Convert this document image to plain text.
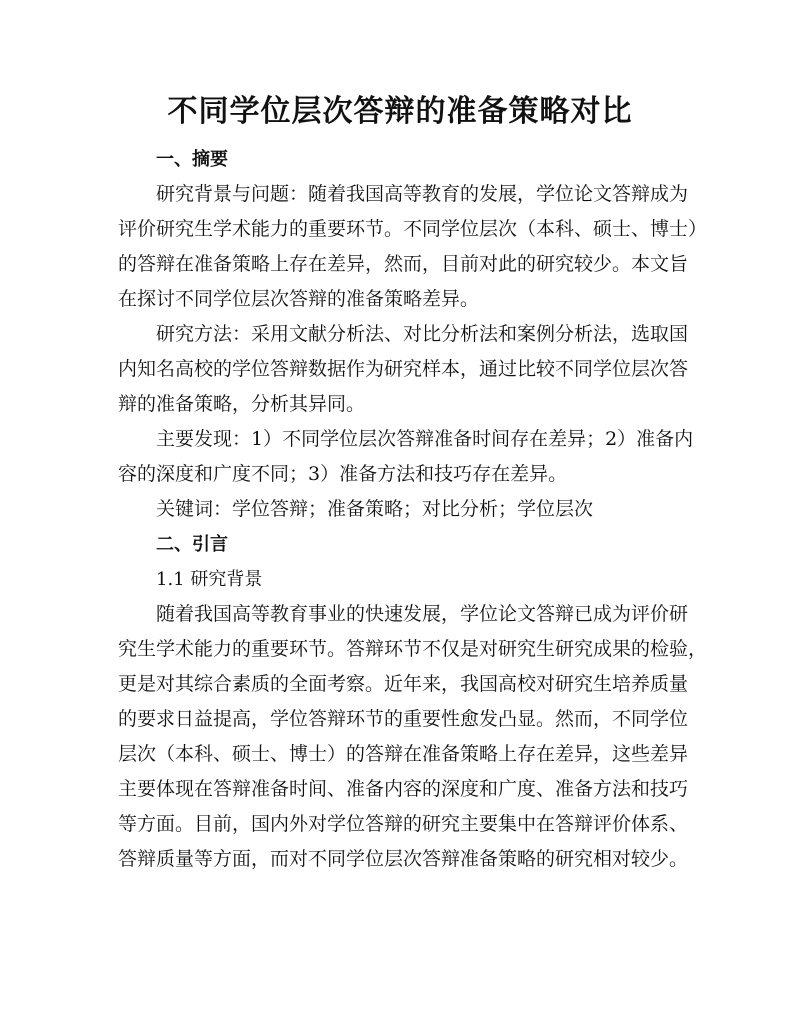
不同学位层次答辩的准备策略对比
一、摘要
研究背景与问题：随着我国高等教育的发展，学位论文答辩成为
评价研究生学术能力的重要环节。不同学位层次（本科、硕士、博士）
的答辩在准备策略上存在差异，然而，目前对此的研究较少。本文旨
在探讨不同学位层次答辩的准备策略差异。
研究方法：采用文献分析法、对比分析法和案例分析法，选取国
内知名高校的学位答辩数据作为研究样本，通过比较不同学位层次答
辩的准备策略，分析其异同。
主要发现：1）不同学位层次答辩准备时间存在差异；2）准备内
容的深度和广度不同；3）准备方法和技巧存在差异。
关键词：学位答辩；准备策略；对比分析；学位层次
二、引言
1.1 研究背景
随着我国高等教育事业的快速发展，学位论文答辩已成为评价研
究生学术能力的重要环节。答辩环节不仅是对研究生研究成果的检验，
更是对其综合素质的全面考察。近年来，我国高校对研究生培养质量
的要求日益提高，学位答辩环节的重要性愈发凸显。然而，不同学位
层次（本科、硕士、博士）的答辩在准备策略上存在差异，这些差异
主要体现在答辩准备时间、准备内容的深度和广度、准备方法和技巧
等方面。目前，国内外对学位答辩的研究主要集中在答辩评价体系、
答辩质量等方面，而对不同学位层次答辩准备策略的研究相对较少。
